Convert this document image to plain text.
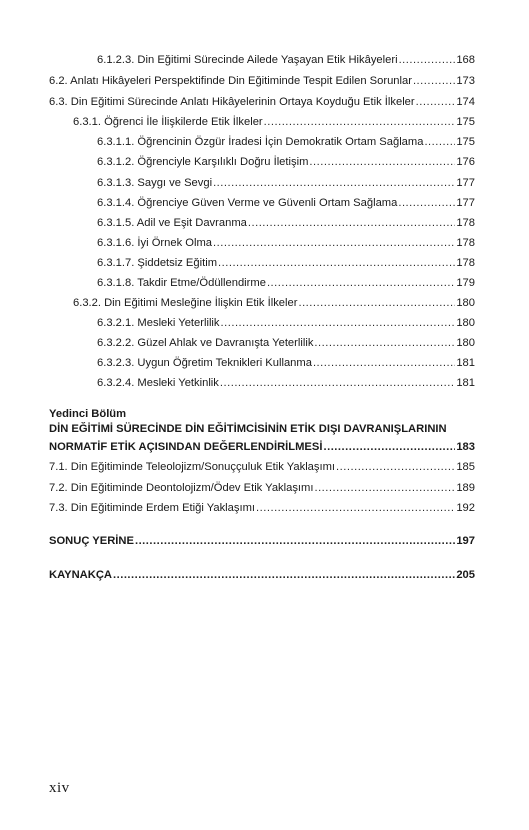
6.1.2.3. Din Eğitimi Sürecinde Ailede Yaşayan Etik Hikâyeleri .....	168
6.2. Anlatı Hikâyeleri Perspektifinde Din Eğitiminde Tespit Edilen Sorunlar .....	173
6.3. Din Eğitimi Sürecinde Anlatı Hikâyelerinin Ortaya Koyduğu Etik İlkeler .....	174
6.3.1. Öğrenci İle İlişkilerde Etik İlkeler .....	175
6.3.1.1. Öğrencinin Özgür İradesi İçin Demokratik Ortam Sağlama .....	175
6.3.1.2. Öğrenciyle Karşılıklı Doğru İletişim .....	176
6.3.1.3. Saygı ve Sevgi .....	177
6.3.1.4. Öğrenciye Güven Verme ve Güvenli Ortam Sağlama .....	177
6.3.1.5. Adil ve Eşit Davranma .....	178
6.3.1.6. İyi Örnek Olma .....	178
6.3.1.7. Şiddetsiz Eğitim .....	178
6.3.1.8. Takdir Etme/Ödüllendirme .....	179
6.3.2. Din Eğitimi Mesleğine İlişkin Etik İlkeler .....	180
6.3.2.1. Mesleki Yeterlilik .....	180
6.3.2.2. Güzel Ahlak ve Davranışta Yeterlilik .....	180
6.3.2.3. Uygun Öğretim Teknikleri Kullanma .....	181
6.3.2.4. Mesleki Yetkinlik .....	181
Yedinci Bölüm
DİN EĞİTİMİ SÜRECİNDE DİN EĞİTİMCİSİNİN ETİK DIŞI DAVRANIŞLARININ
NORMATİF ETİK AÇISINDAN DEĞERLENDİRİLMESİ .....	183
7.1. Din Eğitiminde Teleolojizm/Sonuççuluk Etik Yaklaşımı .....	185
7.2. Din Eğitiminde Deontolojizm/Ödev Etik Yaklaşımı .....	189
7.3. Din Eğitiminde Erdem Etiği Yaklaşımı .....	192
SONUÇ YERİNE .....	197
KAYNAKÇA .....	205
xiv
